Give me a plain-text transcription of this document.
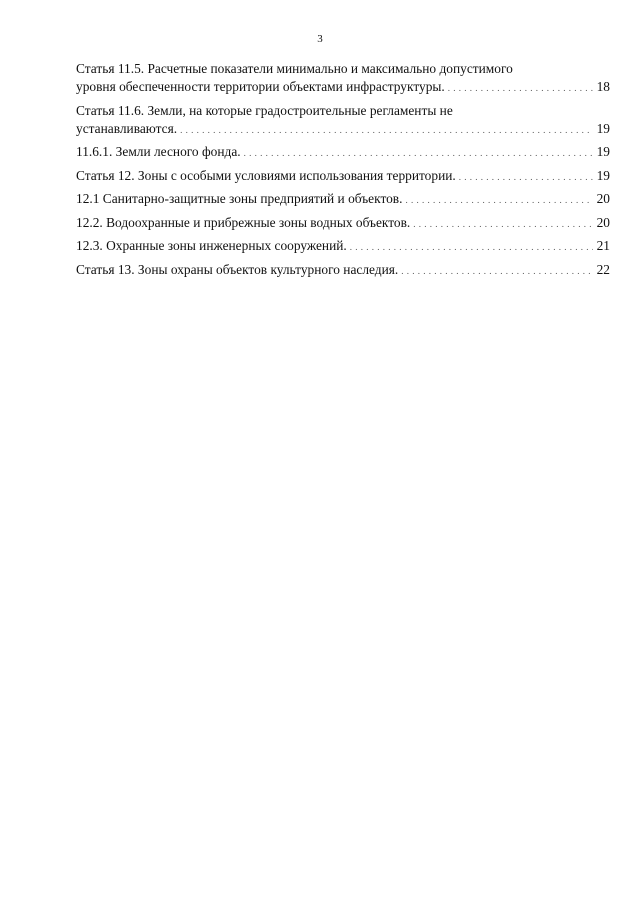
3
Статья 11.5. Расчетные показатели минимально и максимально допустимого
уровня обеспеченности территории объектами инфраструктуры. . . .	18
Статья 11.6. Земли, на которые градостроительные регламенты не
устанавливаются. . . .	19
11.6.1. Земли лесного фонда. . . .	19
Статья 12. Зоны с особыми условиями использования территории. . . .	19
12.1 Санитарно-защитные зоны предприятий и объектов. . . .	20
12.2. Водоохранные и прибрежные зоны водных объектов. . . .	20
12.3. Охранные зоны инженерных сооружений. . . .	21
Статья 13. Зоны охраны объектов культурного наследия. . . .	22
